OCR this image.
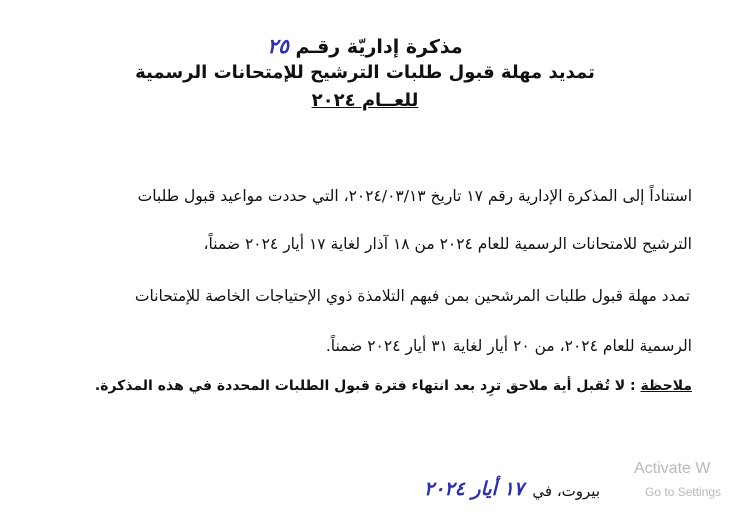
مذكرة إداريّة رقـم ٢٥
تمديد مهلة قبول طلبات الترشيح للإمتحانات الرسمية
للعــام ٢٠٢٤
استناداً إلى المذكرة الإدارية رقم ١٧ تاريخ ٢٠٢٤/٠٣/١٣، التي حددت مواعيد قبول طلبات
الترشيح للامتحانات الرسمية للعام ٢٠٢٤ من ١٨ آذار لغاية ١٧ أيار ٢٠٢٤ ضمناً،
تمدد مهلة قبول طلبات المرشحين بمن فيهم التلامذة ذوي الإحتياجات الخاصة للإمتحانات
الرسمية للعام ٢٠٢٤، من ٢٠ أيار لغاية ٣١ أيار ٢٠٢٤ ضمناً.
ملاحظة : لا تُقبل أية ملاحق ترِد بعد انتهاء فترة قبول الطلبات المحددة في هذه المذكرة.
بيروت، في
١٧ أيار ٢٠٢٤
Activate W
Go to Settings
